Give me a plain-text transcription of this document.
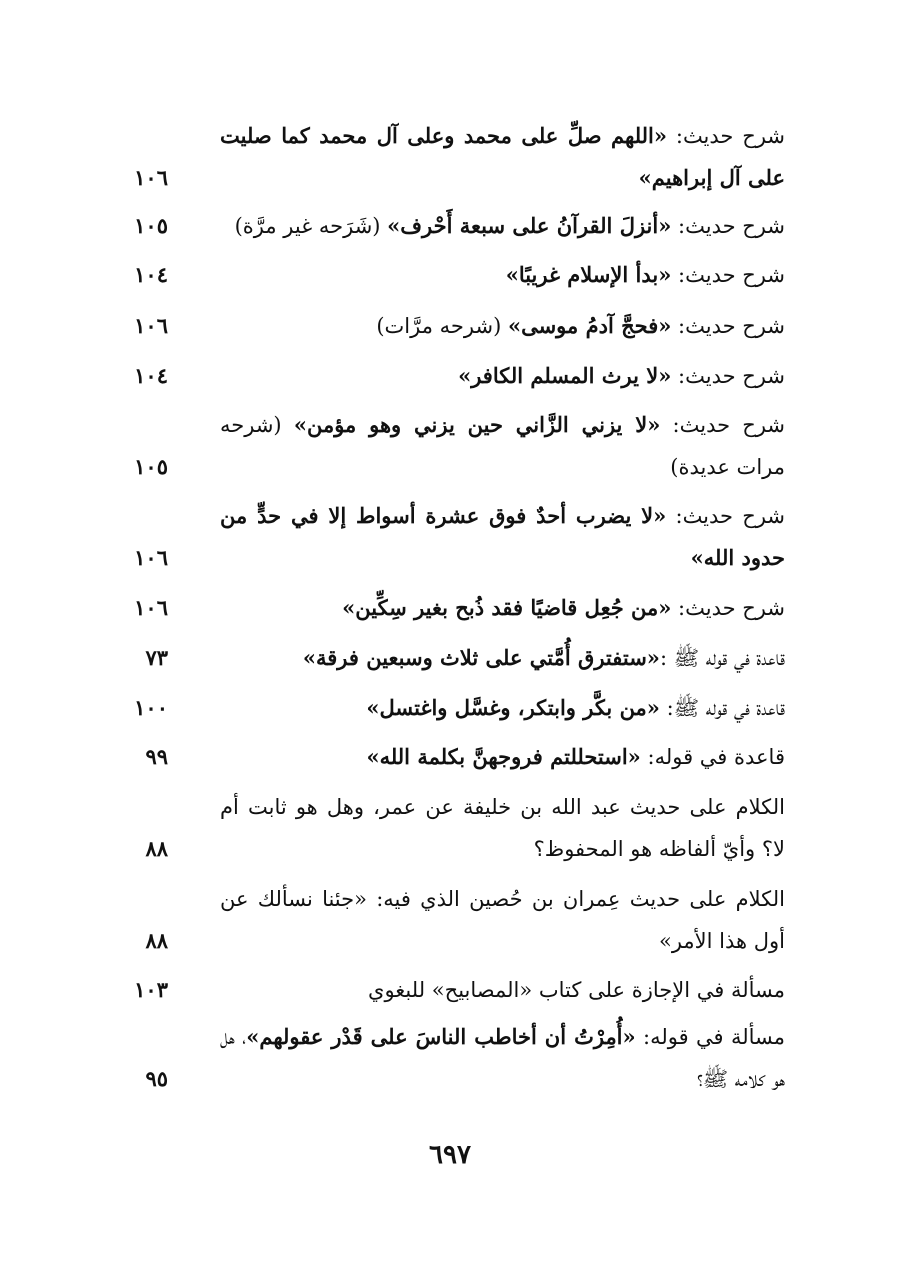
شرح حديث: «اللهم صلِّ على محمد وعلى آل محمد كما صليت على آل إبراهيم»
١٠٦
شرح حديث: «أنزلَ القرآنُ على سبعة أَحْرف» (شَرَحه غير مرَّة)
١٠٥
شرح حديث: «بدأ الإسلام غريبًا»
١٠٤
شرح حديث: «فحجَّ آدمُ موسى» (شرحه مرَّات)
١٠٦
شرح حديث: «لا يرث المسلم الكافر»
١٠٤
شرح حديث: «لا يزني الزَّاني حين يزني وهو مؤمن» (شرحه مرات عديدة)
١٠٥
شرح حديث: «لا يضرب أحدٌ فوق عشرة أسواط إلا في حدٍّ من حدود الله»
١٠٦
شرح حديث: «من جُعِل قاضيًا فقد ذُبح بغير سِكِّين»
١٠٦
قاعدة في قوله ﷺ :«ستفترق أُمَّتي على ثلاث وسبعين فرقة»
٧٣
قاعدة في قوله ﷺ: «من بكَّر وابتكر، وغسَّل واغتسل»
١٠٠
قاعدة في قوله: «استحللتم فروجهنَّ بكلمة الله»
٩٩
الكلام على حديث عبد الله بن خليفة عن عمر، وهل هو ثابت أم لا؟ وأيّ ألفاظه هو المحفوظ؟
٨٨
الكلام على حديث عِمران بن حُصين الذي فيه: «جئنا نسألك عن أول هذا الأمر»
٨٨
مسألة في الإجازة على كتاب «المصابيح» للبغوي
١٠٣
مسألة في قوله: «أُمِرْتُ أن أخاطب الناسَ على قَدْر عقولهم»، هل هو كلامه ﷺ؟
٩٥
٦٩٧
